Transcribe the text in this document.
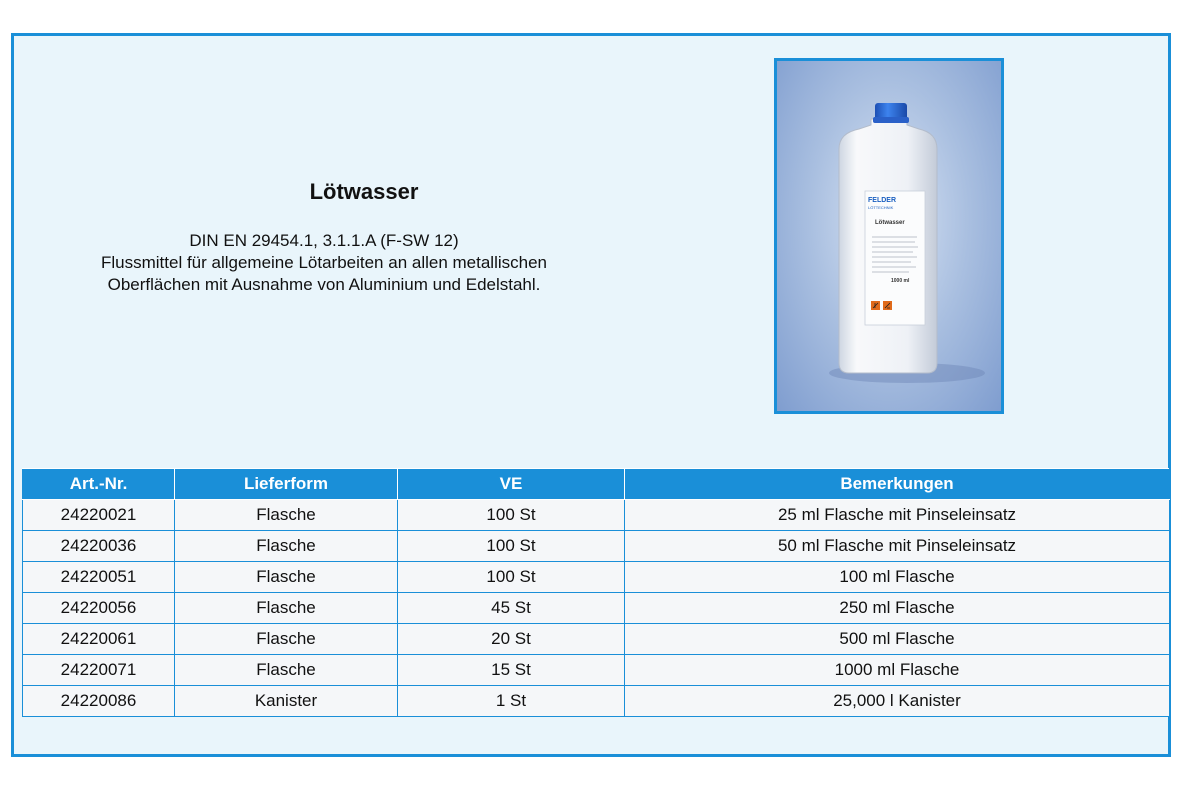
Lötwasser
DIN EN 29454.1, 3.1.1.A (F-SW 12)
Flussmittel für allgemeine Lötarbeiten an allen metallischen
Oberflächen mit Ausnahme von Aluminium und Edelstahl.
FELDER
LÖTTECHNIK
Lötwasser
1000 ml
Art.-Nr.	Lieferform	VE	Bemerkungen
24220021	Flasche	100 St	25 ml Flasche mit Pinseleinsatz
24220036	Flasche	100 St	50 ml Flasche mit Pinseleinsatz
24220051	Flasche	100 St	100 ml Flasche
24220056	Flasche	45 St	250 ml Flasche
24220061	Flasche	20 St	500 ml Flasche
24220071	Flasche	15 St	1000 ml Flasche
24220086	Kanister	1 St	25,000 l Kanister
